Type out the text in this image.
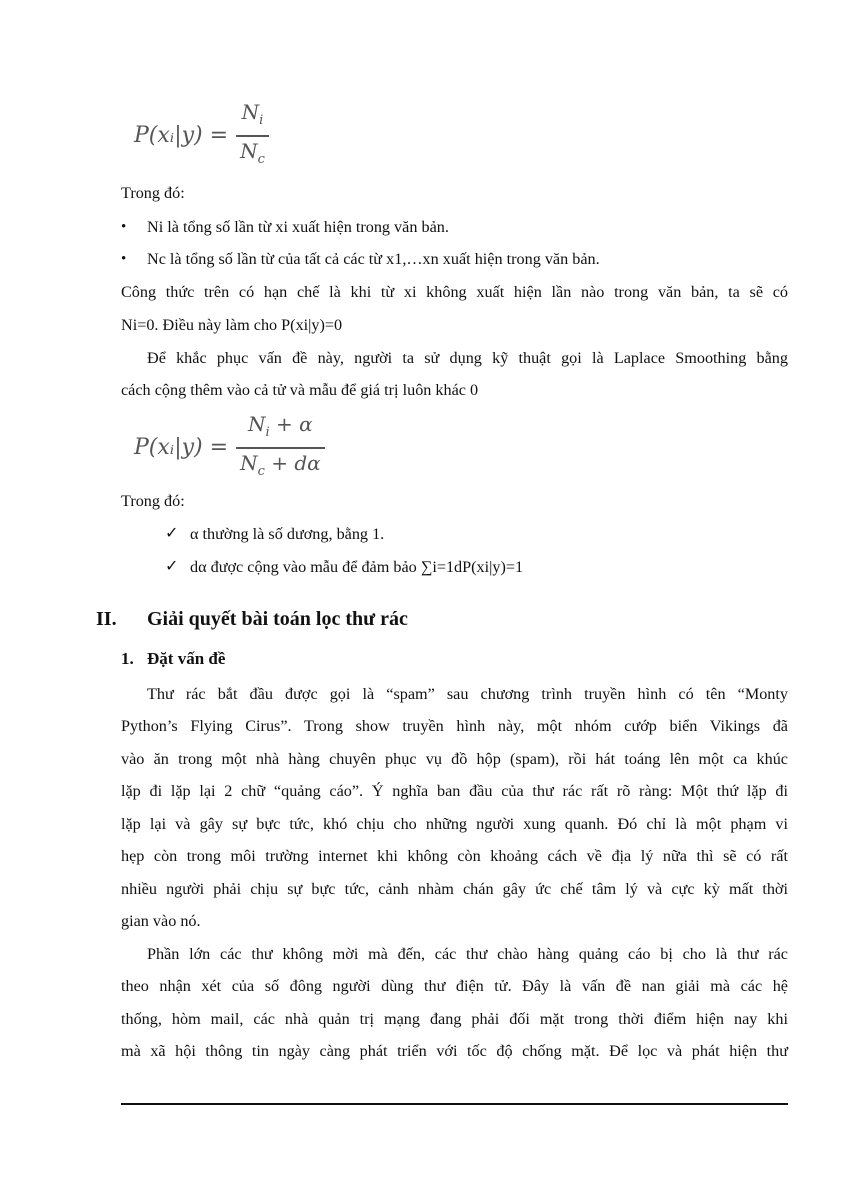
P(xᵢ|y) = $\frac{N_i}{N_c}$
Trong đó:
• Ni là tổng số lần từ xi xuất hiện trong văn bản.
• Nc là tổng số lần từ của tất cả các từ x1,…xn xuất hiện trong văn bản.
Công thức trên có hạn chế là khi từ xi không xuất hiện lần nào trong văn bản, ta sẽ có
Ni=0. Điều này làm cho P(xi|y)=0
Để khắc phục vấn đề này, người ta sử dụng kỹ thuật gọi là Laplace Smoothing bằng
cách cộng thêm vào cả tử và mẫu để giá trị luôn khác 0
P(xᵢ|y) = $\frac{N_i + \alpha}{N_c + d\alpha}$
Trong đó:
✓ α thường là số dương, bằng 1.
✓ dα được cộng vào mẫu để đảm bảo ∑i=1dP(xi|y)=1
II. Giải quyết bài toán lọc thư rác
1. Đặt vấn đề
Thư rác bắt đầu được gọi là “spam” sau chương trình truyền hình có tên “Monty
Python’s Flying Cirus”. Trong show truyền hình này, một nhóm cướp biển Vikings đã
vào ăn trong một nhà hàng chuyên phục vụ đồ hộp (spam), rồi hát toáng lên một ca khúc
lặp đi lặp lại 2 chữ “quảng cáo”. Ý nghĩa ban đầu của thư rác rất rõ ràng: Một thứ lặp đi
lặp lại và gây sự bực tức, khó chịu cho những người xung quanh. Đó chỉ là một phạm vi
hẹp còn trong môi trường internet khi không còn khoảng cách về địa lý nữa thì sẽ có rất
nhiều người phải chịu sự bực tức, cảnh nhàm chán gây ức chế tâm lý và cực kỳ mất thời
gian vào nó.
Phần lớn các thư không mời mà đến, các thư chào hàng quảng cáo bị cho là thư rác
theo nhận xét của số đông người dùng thư điện tử. Đây là vấn đề nan giải mà các hệ
thống, hòm mail, các nhà quản trị mạng đang phải đối mặt trong thời điểm hiện nay khi
mà xã hội thông tin ngày càng phát triển với tốc độ chống mặt. Để lọc và phát hiện thư
